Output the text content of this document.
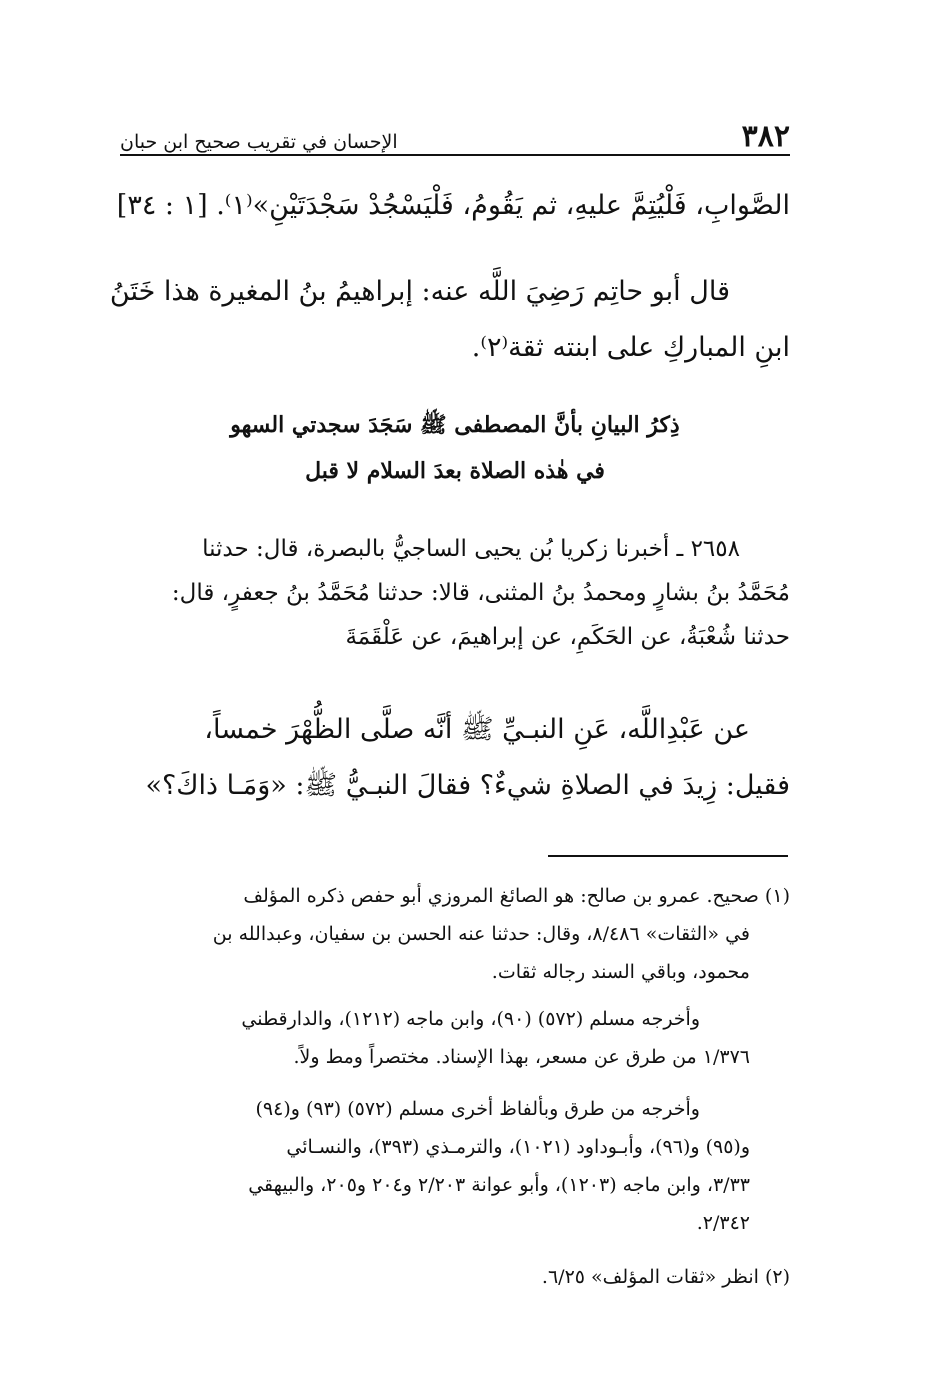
٣٨٢
الإحسان في تقريب صحيح ابن حبان
الصَّوابِ، فَلْيُتِمَّ عليهِ، ثم يَقُومُ، فَلْيَسْجُدْ سَجْدَتَيْنِ»⁽١⁾. [١ : ٣٤]
قال أبو حاتِم رَضِيَ اللَّه عنه: إبراهيمُ بنُ المغيرة هذا خَتَنُ
ابنِ المباركِ على ابنته ثقة⁽٢⁾.
ذِكرُ البيانِ بأنَّ المصطفى ﷺ سَجَدَ سجدتي السهو
في هٰذه الصلاة بعدَ السلام لا قبل
٢٦٥٨ ـ أخبرنا زكريا بُن يحيى الساجيُّ بالبصرة، قال: حدثنا
مُحَمَّدُ بنُ بشارٍ ومحمدُ بنُ المثنى، قالا: حدثنا مُحَمَّدُ بنُ جعفرٍ، قال:
حدثنا شُعْبَةُ، عن الحَكَمِ، عن إبراهيمَ، عن عَلْقَمَةَ
عن عَبْدِاللَّه، عَنِ النبـيِّ ﷺ أنَّه صلَّى الظُّهْرَ خمساً،
فقيل: زِيدَ في الصلاةِ شيءٌ؟ فقالَ النبـيُّ ﷺ: «وَمَـا ذاكَ؟»
(١) صحيح. عمرو بن صالح: هو الصائغ المروزي أبو حفص ذكره المؤلف
في «الثقات» ٨/٤٨٦، وقال: حدثنا عنه الحسن بن سفيان، وعبدالله بن
محمود، وباقي السند رجاله ثقات.
وأخرجه مسلم (٥٧٢) (٩٠)، وابن ماجه (١٢١٢)، والدارقطني
١/٣٧٦ من طرق عن مسعر، بهذا الإسناد. مختصراً ومط ولاً.
وأخرجه من طرق وبألفاظ أخرى مسلم (٥٧٢) (٩٣) و(٩٤)
و(٩٥) و(٩٦)، وأبـوداود (١٠٢١)، والترمـذي (٣٩٣)، والنسـائي
٣/٣٣، وابن ماجه (١٢٠٣)، وأبو عوانة ٢/٢٠٣ و٢٠٤ و٢٠٥، والبيهقي
٢/٣٤٢.
(٢) انظر «ثقات المؤلف» ٦/٢٥.
